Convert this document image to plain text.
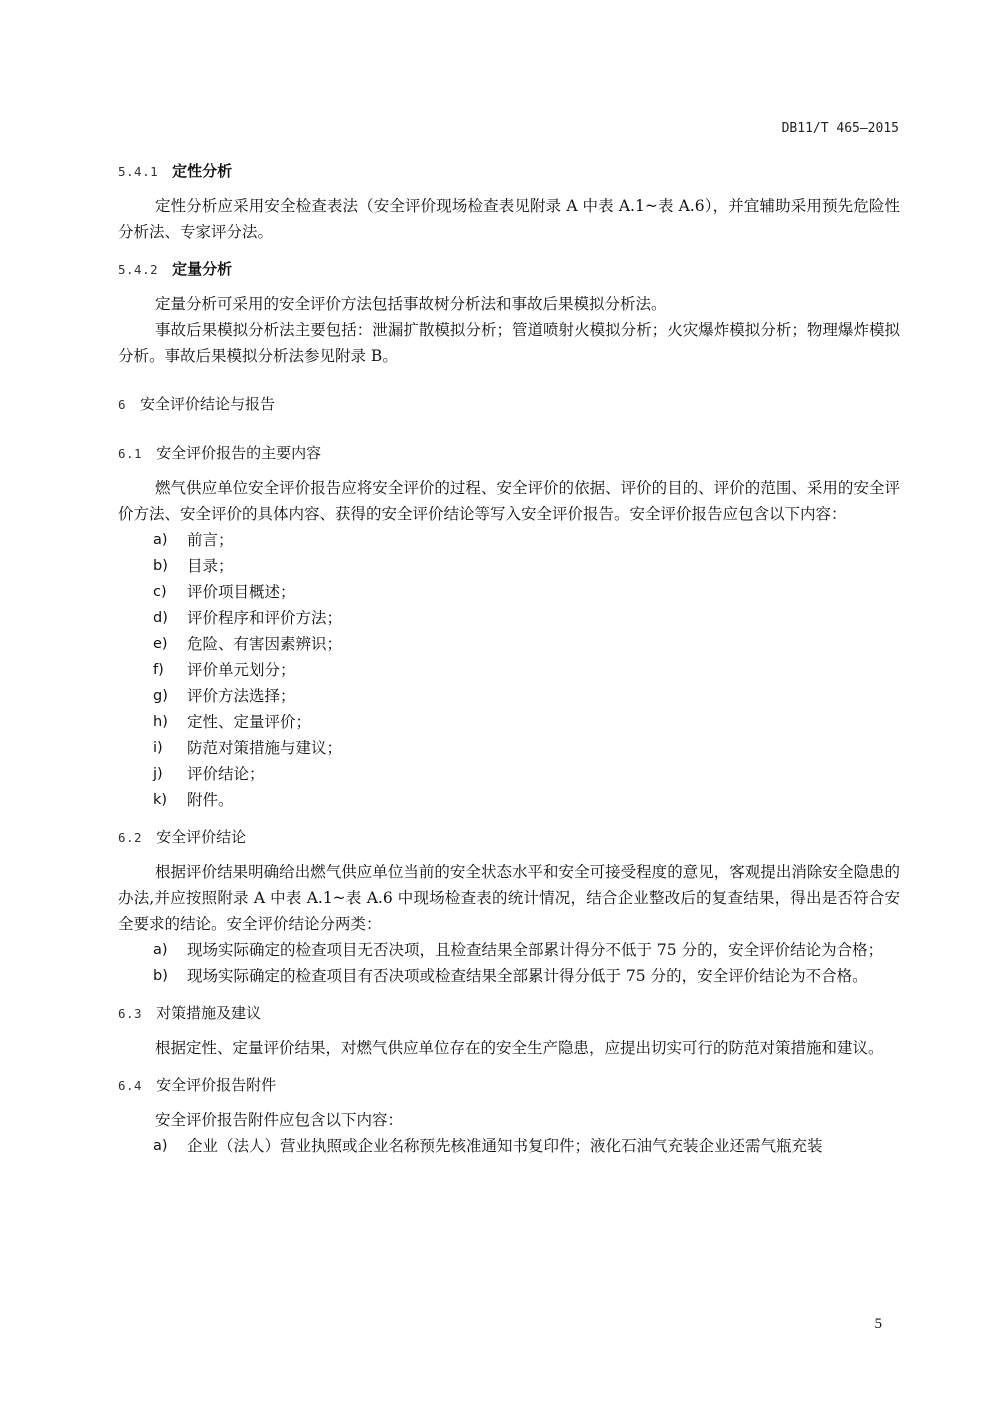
DB11/T 465—2015
5.4.1 定性分析

定性分析应采用安全检查表法（安全评价现场检查表见附录 A 中表 A.1~表 A.6），并宜辅助采用预先危险性分析法、专家评分法。

5.4.2 定量分析

定量分析可采用的安全评价方法包括事故树分析法和事故后果模拟分析法。

事故后果模拟分析法主要包括：泄漏扩散模拟分析；管道喷射火模拟分析；火灾爆炸模拟分析；物理爆炸模拟分析。事故后果模拟分析法参见附录 B。

6 安全评价结论与报告
6.1 安全评价报告的主要内容

燃气供应单位安全评价报告应将安全评价的过程、安全评价的依据、评价的目的、评价的范围、采用的安全评价方法、安全评价的具体内容、获得的安全评价结论等写入安全评价报告。安全评价报告应包含以下内容：

a)	前言；
b)	目录；
c)	评价项目概述；
d)	评价程序和评价方法；
e)	危险、有害因素辨识；
f)	评价单元划分；
g)	评价方法选择；
h)	定性、定量评价；
i)	防范对策措施与建议；
j)	评价结论；
k)	附件。
6.2 安全评价结论

根据评价结果明确给出燃气供应单位当前的安全状态水平和安全可接受程度的意见，客观提出消除安全隐患的办法,并应按照附录 A 中表 A.1~表 A.6 中现场检查表的统计情况，结合企业整改后的复查结果，得出是否符合安全要求的结论。安全评价结论分两类：

a)	现场实际确定的检查项目无否决项，且检查结果全部累计得分不低于 75 分的，安全评价结论为合格；
b)	现场实际确定的检查项目有否决项或检查结果全部累计得分低于 75 分的，安全评价结论为不合格。
6.3 对策措施及建议

根据定性、定量评价结果，对燃气供应单位存在的安全生产隐患，应提出切实可行的防范对策措施和建议。

6.4 安全评价报告附件

安全评价报告附件应包含以下内容：

a)	企业（法人）营业执照或企业名称预先核准通知书复印件；液化石油气充装企业还需气瓶充装
5
